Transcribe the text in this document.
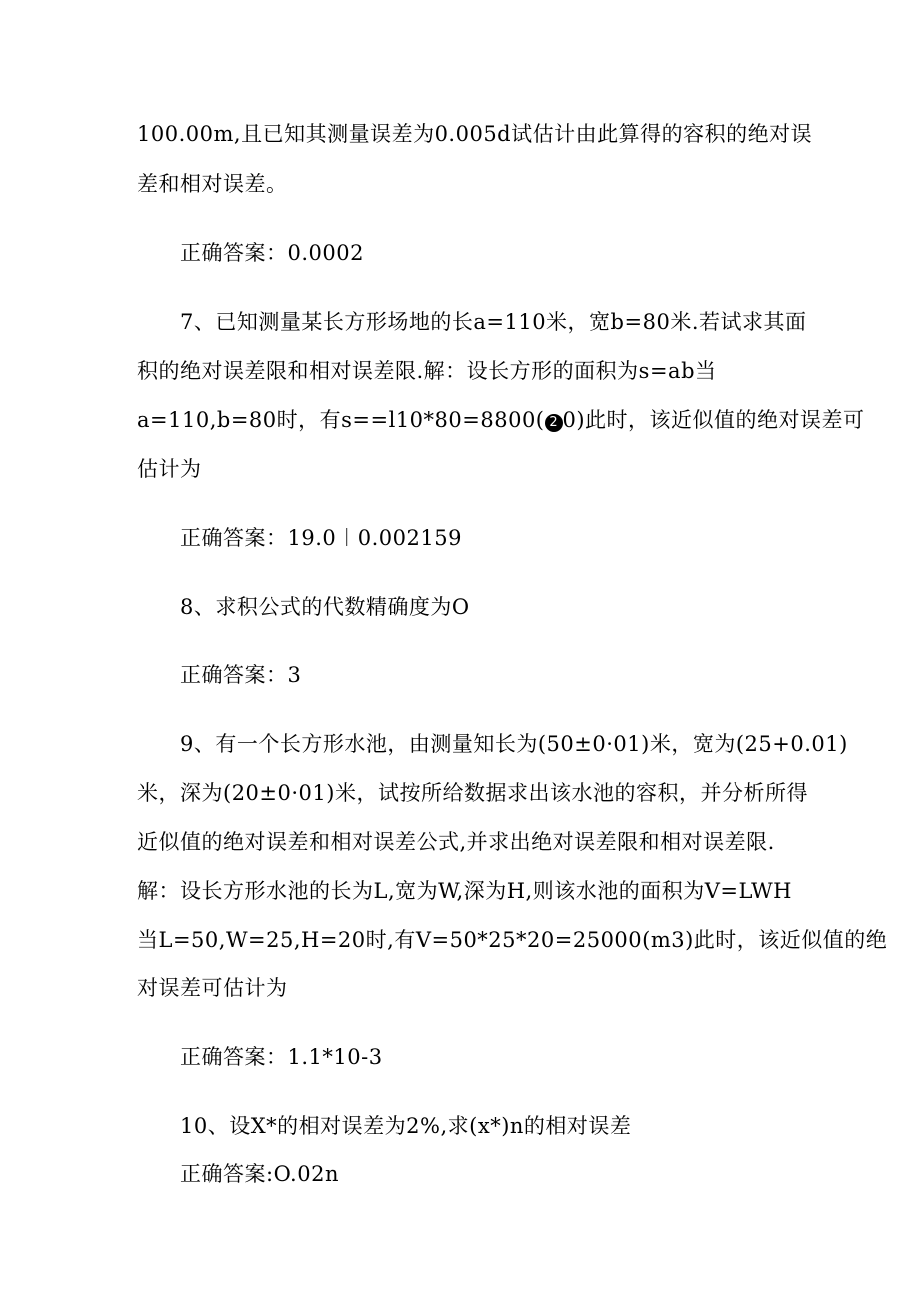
100.00m,且已知其测量误差为0.005d试估计由此算得的容积的绝对误
差和相对误差。
正确答案：0.0002
7、已知测量某长方形场地的长a=110米，宽b=80米.若试求其面
积的绝对误差限和相对误差限.解：设长方形的面积为s=ab当
a=110,b=80时，有s==l10*80=8800( 2 0)此时，该近似值的绝对误差可
估计为
正确答案：19.0︱0.002159
8、求积公式的代数精确度为O
正确答案：3
9、有一个长方形水池，由测量知长为(50±0·01)米，宽为(25+0.01)
米，深为(20±0·01)米，试按所给数据求出该水池的容积，并分析所得
近似值的绝对误差和相对误差公式,并求出绝对误差限和相对误差限.
解：设长方形水池的长为L,宽为W,深为H,则该水池的面积为V=LWH
当L=50,W=25,H=20时,有V=50*25*20=25000(m3)此时，该近似值的绝
对误差可估计为
正确答案：1.1*10-3
10、设X*的相对误差为2%,求(x*)n的相对误差
正确答案:O.02n
